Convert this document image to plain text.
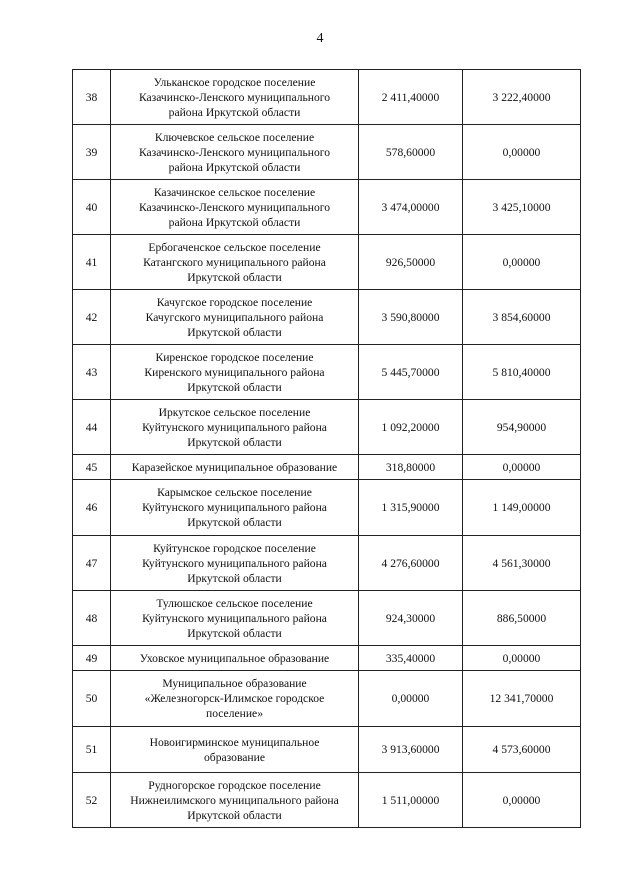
4
38	Ульканское городское поселение
Казачинско-Ленского муниципального
района Иркутской области	2 411,40000	3 222,40000
39	Ключевское сельское поселение
Казачинско-Ленского муниципального
района Иркутской области	578,60000	0,00000
40	Казачинское сельское поселение
Казачинско-Ленского муниципального
района Иркутской области	3 474,00000	3 425,10000
41	Ербогаченское сельское поселение
Катангского муниципального района
Иркутской области	926,50000	0,00000
42	Качугское городское поселение
Качугского муниципального района
Иркутской области	3 590,80000	3 854,60000
43	Киренское городское поселение
Киренского муниципального района
Иркутской области	5 445,70000	5 810,40000
44	Иркутское сельское поселение
Куйтунского муниципального района
Иркутской области	1 092,20000	954,90000
45	Каразейское муниципальное образование	318,80000	0,00000
46	Карымское сельское поселение
Куйтунского муниципального района
Иркутской области	1 315,90000	1 149,00000
47	Куйтунское городское поселение
Куйтунского муниципального района
Иркутской области	4 276,60000	4 561,30000
48	Тулюшское сельское поселение
Куйтунского муниципального района
Иркутской области	924,30000	886,50000
49	Уховское муниципальное образование	335,40000	0,00000
50	Муниципальное образование
«Железногорск-Илимское городское
поселение»	0,00000	12 341,70000
51	Новоигирминское муниципальное
образование	3 913,60000	4 573,60000
52	Рудногорское городское поселение
Нижнеилимского муниципального района
Иркутской области	1 511,00000	0,00000
